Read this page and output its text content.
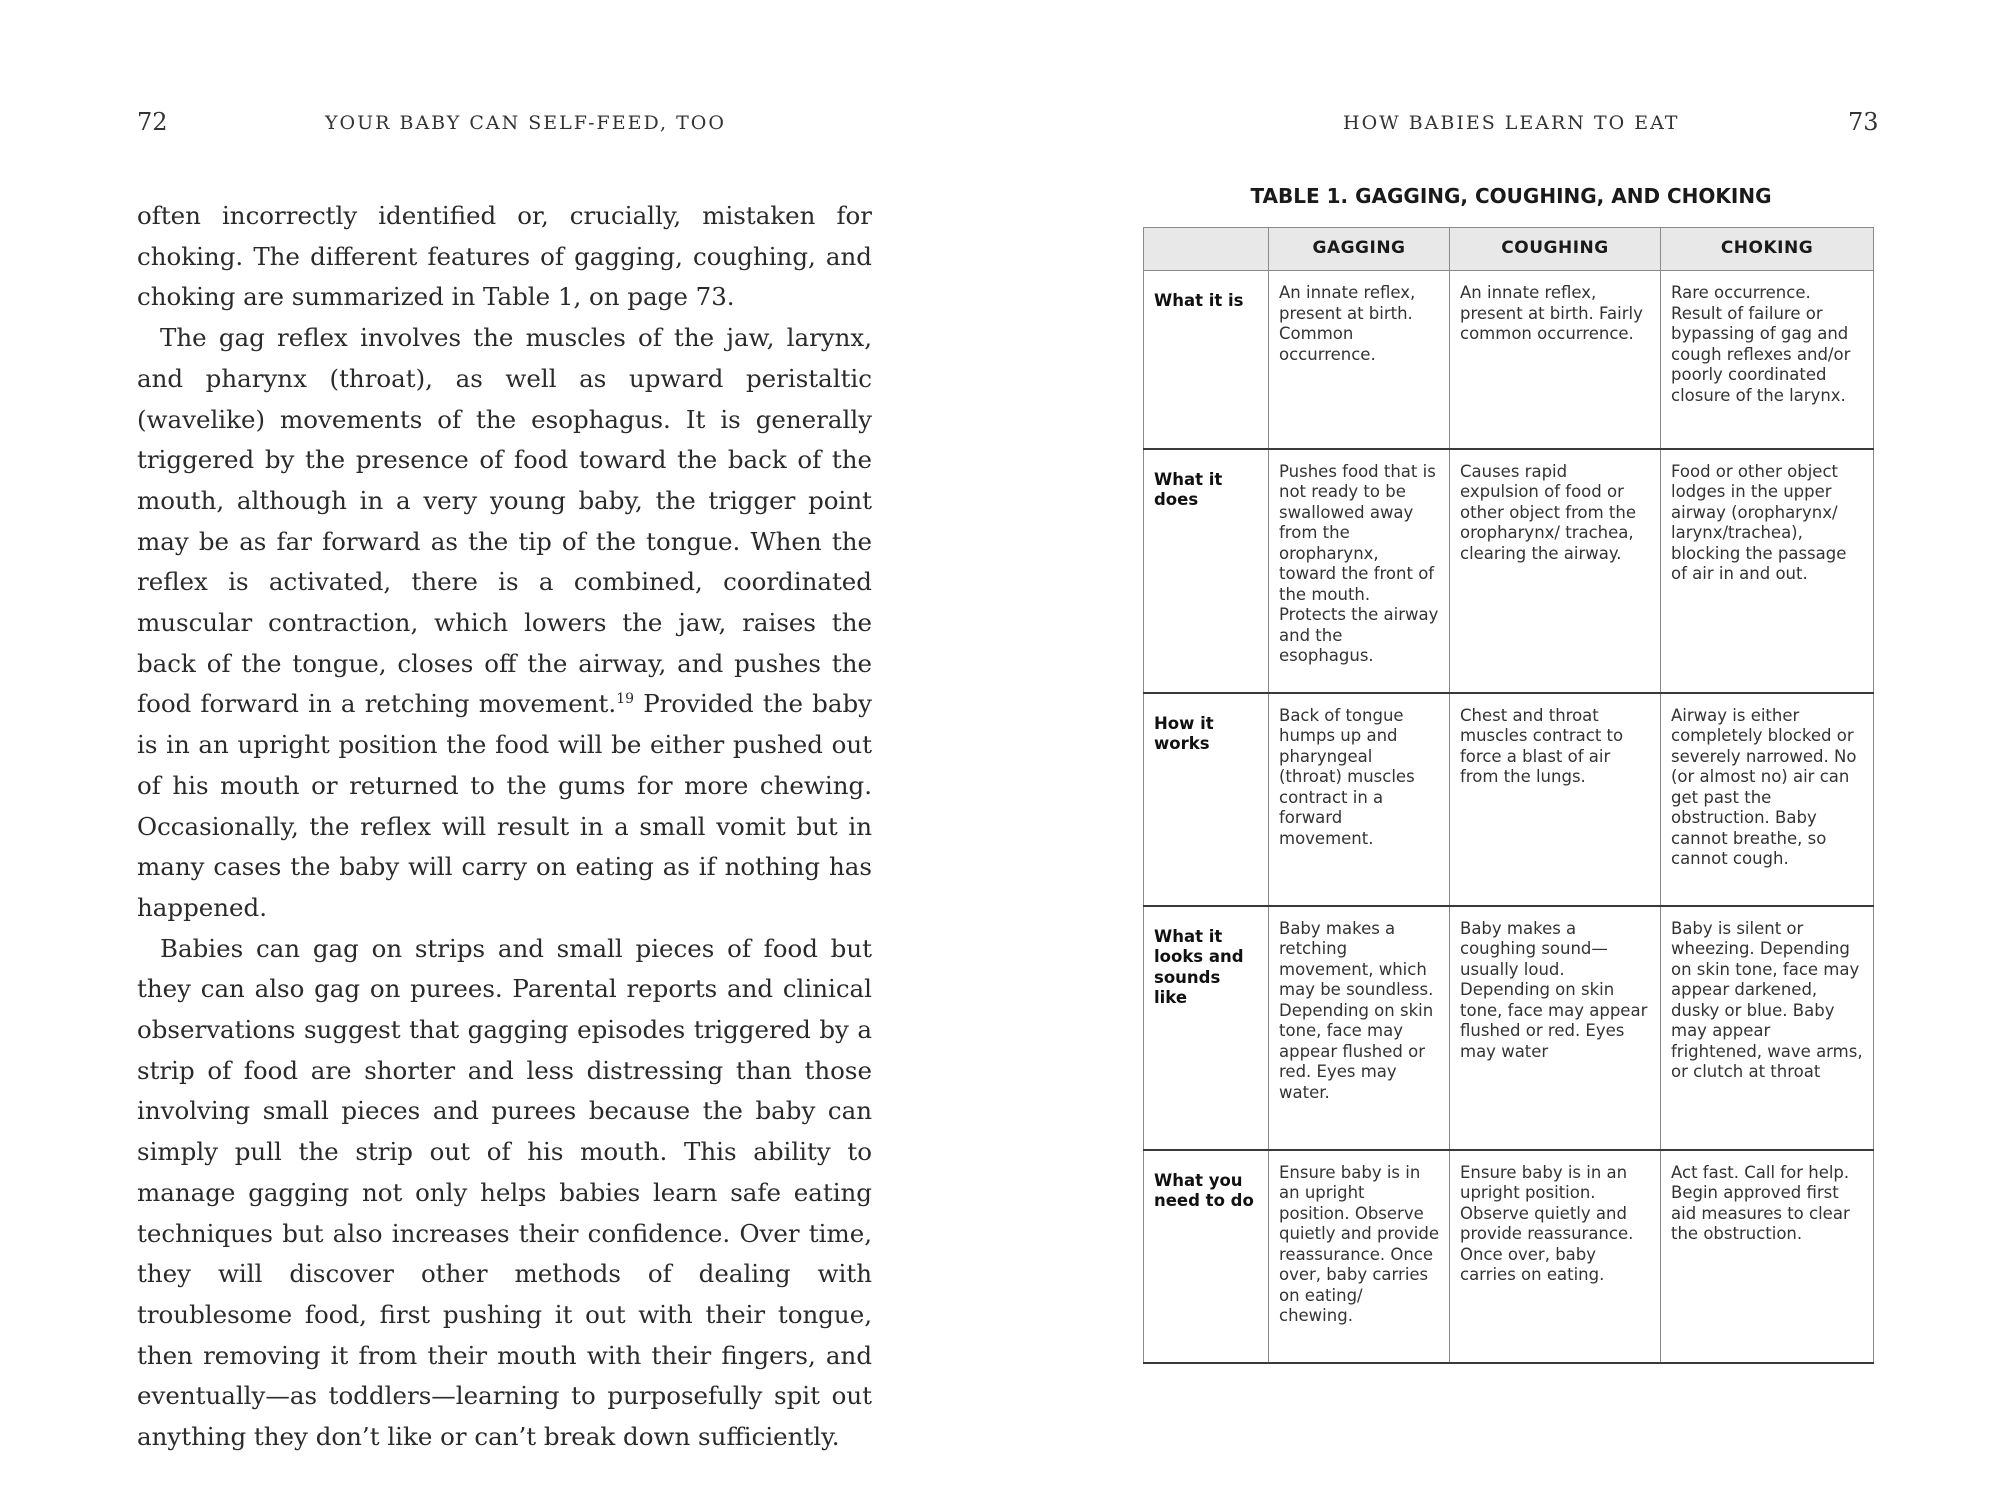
72	YOUR BABY CAN SELF-FEED, TOO

often incorrectly identified or, crucially, mistaken for choking. The different features of gagging, coughing, and choking are summarized in Table 1, on page 73.

The gag reflex involves the muscles of the jaw, larynx, and pharynx (throat), as well as upward peristaltic (wavelike) movements of the esophagus. It is generally triggered by the presence of food toward the back of the mouth, although in a very young baby, the trigger point may be as far forward as the tip of the tongue. When the reflex is activated, there is a combined, coordinated muscular contraction, which lowers the jaw, raises the back of the tongue, closes off the airway, and pushes the food forward in a retching movement.$^{19}$ Provided the baby is in an upright position the food will be either pushed out of his mouth or returned to the gums for more chewing. Occasionally, the reflex will result in a small vomit but in many cases the baby will carry on eating as if nothing has happened.

Babies can gag on strips and small pieces of food but they can also gag on purees. Parental reports and clinical observations suggest that gagging episodes triggered by a strip of food are shorter and less distressing than those involving small pieces and purees because the baby can simply pull the strip out of his mouth. This ability to manage gagging not only helps babies learn safe eating techniques but also increases their confidence. Over time, they will discover other methods of dealing with troublesome food, first pushing it out with their tongue, then removing it from their mouth with their fingers, and eventually—as toddlers—learning to purposefully spit out anything they don’t like or can’t break down sufficiently.

HOW BABIES LEARN TO EAT	73
TABLE 1. GAGGING, COUGHING, AND CHOKING
	GAGGING	COUGHING	CHOKING
What it is	An innate reflex, present at birth. Common occurrence.	An innate reflex, present at birth. Fairly common occurrence.	Rare occurrence. Result of failure or bypassing of gag and cough reflexes and/or poorly coordinated closure of the larynx.
What it does	Pushes food that is not ready to be swallowed away from the oropharynx, toward the front of the mouth. Protects the airway and the esophagus.	Causes rapid expulsion of food or other object from the oropharynx/ trachea, clearing the airway.	Food or other object lodges in the upper airway (oropharynx/ larynx/trachea), blocking the passage of air in and out.
How it works	Back of tongue humps up and pharyngeal (throat) muscles contract in a forward movement.	Chest and throat muscles contract to force a blast of air from the lungs.	Airway is either completely blocked or severely narrowed. No (or almost no) air can get past the obstruction. Baby cannot breathe, so cannot cough.
What it looks and sounds like	Baby makes a retching movement, which may be soundless. Depending on skin tone, face may appear flushed or red. Eyes may water.	Baby makes a coughing sound—usually loud. Depending on skin tone, face may appear flushed or red. Eyes may water	Baby is silent or wheezing. Depending on skin tone, face may appear darkened, dusky or blue. Baby may appear frightened, wave arms, or clutch at throat
What you need to do	Ensure baby is in an upright position. Observe quietly and provide reassurance. Once over, baby carries on eating/ chewing.	Ensure baby is in an upright position. Observe quietly and provide reassurance. Once over, baby carries on eating.	Act fast. Call for help. Begin approved first aid measures to clear the obstruction.
